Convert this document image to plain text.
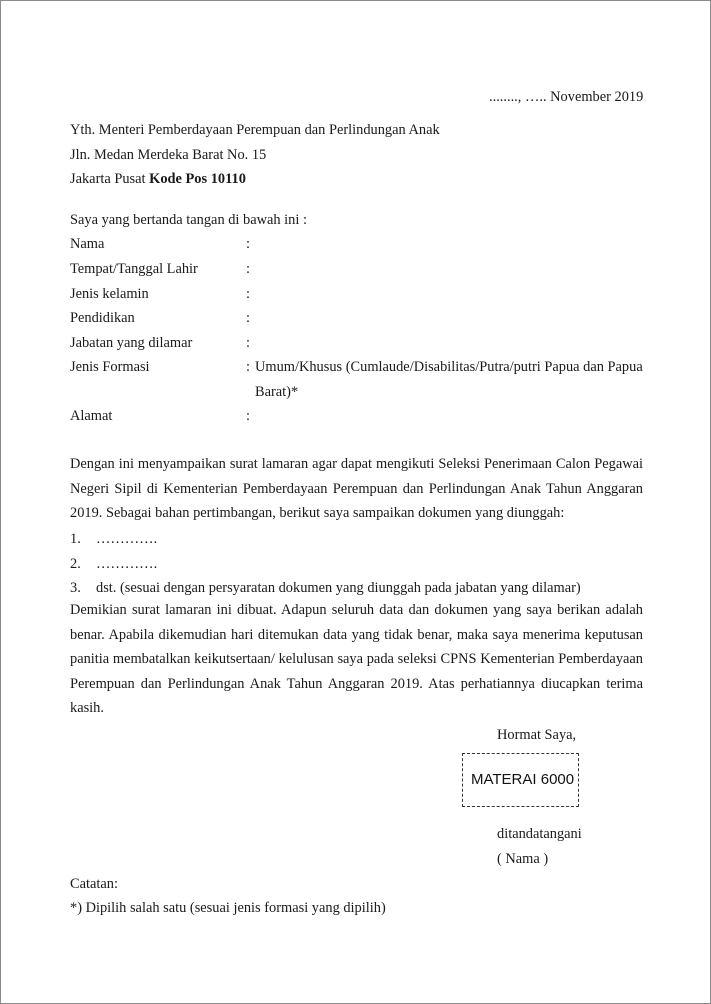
........, ….. November 2019
Yth. Menteri Pemberdayaan Perempuan dan Perlindungan Anak
Jln. Medan Merdeka Barat No. 15
Jakarta Pusat Kode Pos 10110
Saya yang bertanda tangan di bawah ini :
Nama	:
Tempat/Tanggal Lahir	:
Jenis kelamin	:
Pendidikan	:
Jabatan yang dilamar	:
Jenis Formasi	: Umum/Khusus (Cumlaude/Disabilitas/Putra/putri Papua dan Papua
Barat)*
Alamat	:
Dengan ini menyampaikan surat lamaran agar dapat mengikuti Seleksi Penerimaan Calon Pegawai Negeri Sipil di Kementerian Pemberdayaan Perempuan dan Perlindungan Anak Tahun Anggaran 2019. Sebagai bahan pertimbangan, berikut saya sampaikan dokumen yang diunggah:
1. ………….
2. ………….
3. dst. (sesuai dengan persyaratan dokumen yang diunggah pada jabatan yang dilamar)
Demikian surat lamaran ini dibuat. Adapun seluruh data dan dokumen yang saya berikan adalah benar. Apabila dikemudian hari ditemukan data yang tidak benar, maka saya menerima keputusan panitia membatalkan keikutsertaan/ kelulusan saya pada seleksi CPNS Kementerian Pemberdayaan Perempuan dan Perlindungan Anak Tahun Anggaran 2019. Atas perhatiannya diucapkan terima kasih.
Hormat Saya,
MATERAI 6000
ditandatangani
( Nama )
Catatan:
*) Dipilih salah satu (sesuai jenis formasi yang dipilih)
